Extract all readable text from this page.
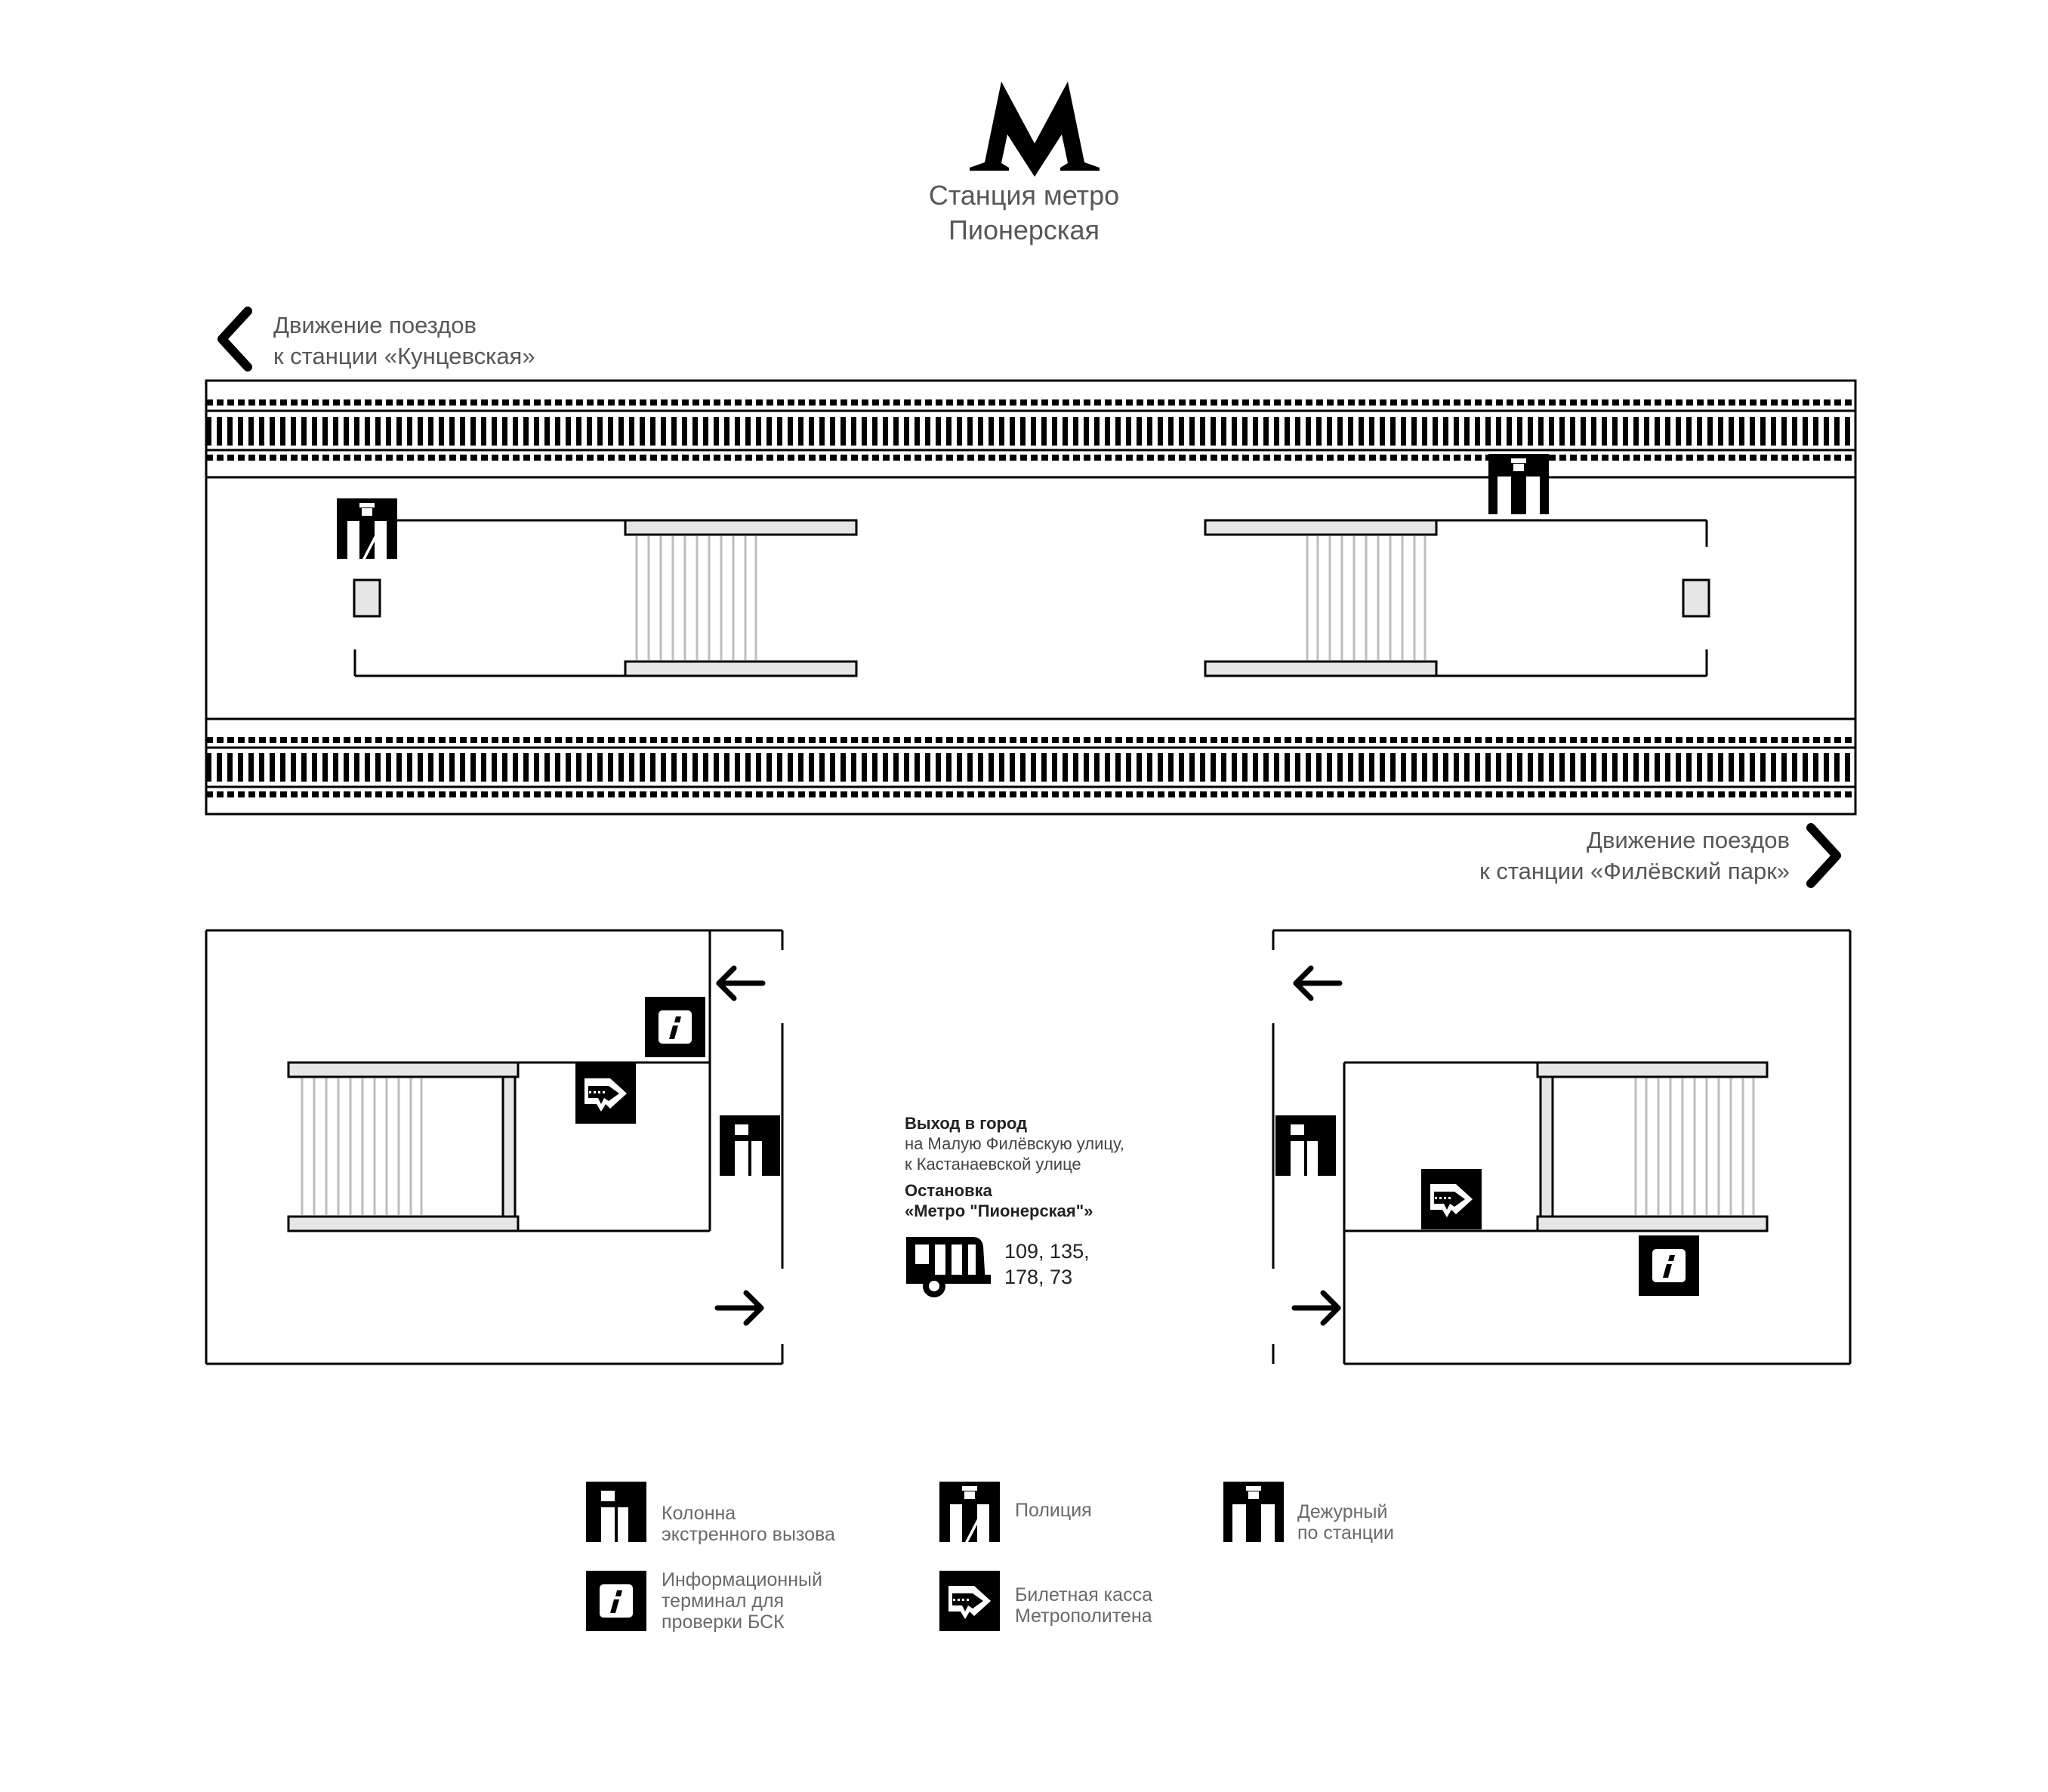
Станция метро
Пионерская
Движение поездов
к станции «Кунцевская»
Движение поездов
к станции «Филёвский парк»
Выход в город
на Малую Филёвскую улицу,
к Кастанаевской улице
Остановка
«Метро "Пионерская"»
109, 135,
178, 73
Колонна
экстренного вызова
Полиция	Дежурный
по станции
Информационный
терминал для
проверки БСК
Билетная касса
Метрополитена
